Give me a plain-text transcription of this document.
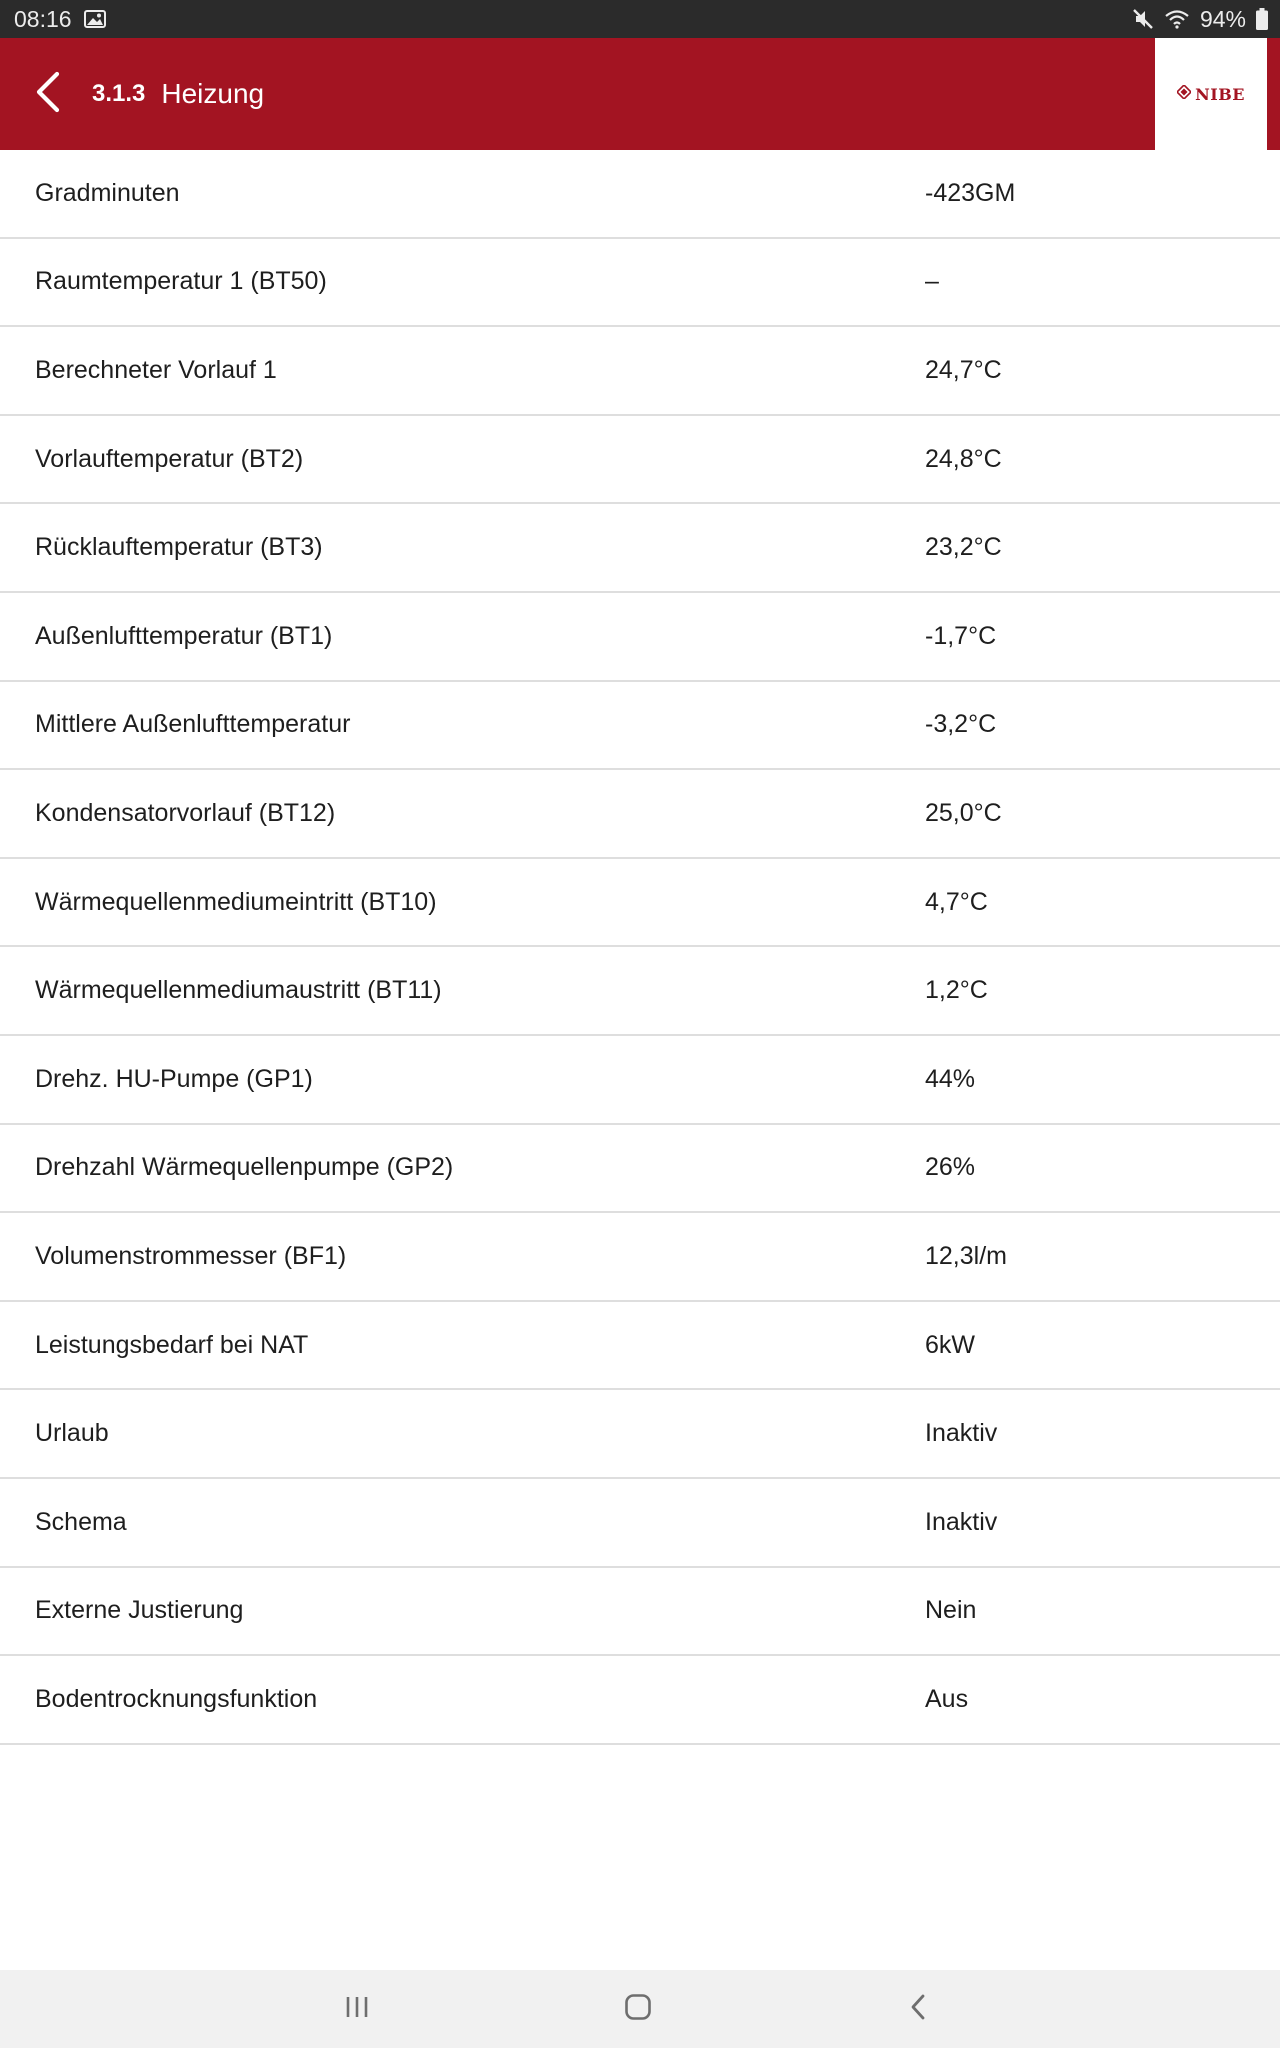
08:16	94%
3.1.3 Heizung	NIBE
Gradminuten	-423GM
Raumtemperatur 1 (BT50)	–
Berechneter Vorlauf 1	24,7°C
Vorlauftemperatur (BT2)	24,8°C
Rücklauftemperatur (BT3)	23,2°C
Außenlufttemperatur (BT1)	-1,7°C
Mittlere Außenlufttemperatur	-3,2°C
Kondensatorvorlauf (BT12)	25,0°C
Wärmequellenmediumeintritt (BT10)	4,7°C
Wärmequellenmediumaustritt (BT11)	1,2°C
Drehz. HU-Pumpe (GP1)	44%
Drehzahl Wärmequellenpumpe (GP2)	26%
Volumenstrommesser (BF1)	12,3l/m
Leistungsbedarf bei NAT	6kW
Urlaub	Inaktiv
Schema	Inaktiv
Externe Justierung	Nein
Bodentrocknungsfunktion	Aus
